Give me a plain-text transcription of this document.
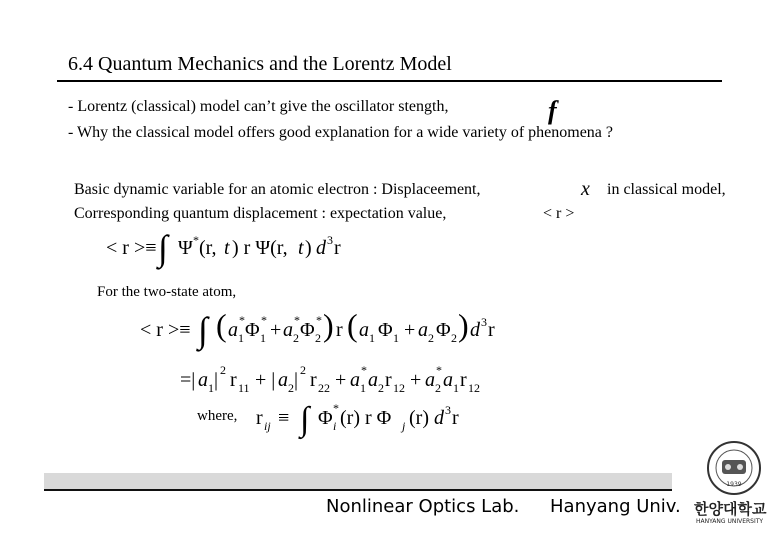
6.4 Quantum Mechanics and the Lorentz Model
- Lorentz (classical) model can’t give the oscillator stength,	f
- Why the classical model offers good explanation for a wide variety of phenomena ?
Basic dynamic variable for an atomic electron : Displaceement,	x in classical model,
Corresponding quantum displacement : expectation value,	< r >
< r >≡ ∫ Ψ * (r, t ) r Ψ(r, t ) d 3 r
For the two-state atom,
< r >≡ ∫ ( a 1
* Φ 1
* + a 2
* Φ 2
* ) r ( a 1 Φ 1 + a 2 Φ 2 ) d 3 r
=| a 1 | 2 r 11 + | a 2 | 2 r 22 + a 1
* a 2 r 12 + a 2
* a 1 r 12
where, r ij ≡ ∫ Φ i
* (r) r Φ j (r) d 3 r
Nonlinear Optics Lab. Hanyang Univ.
1939
한양대학교
HANYANG UNIVERSITY
